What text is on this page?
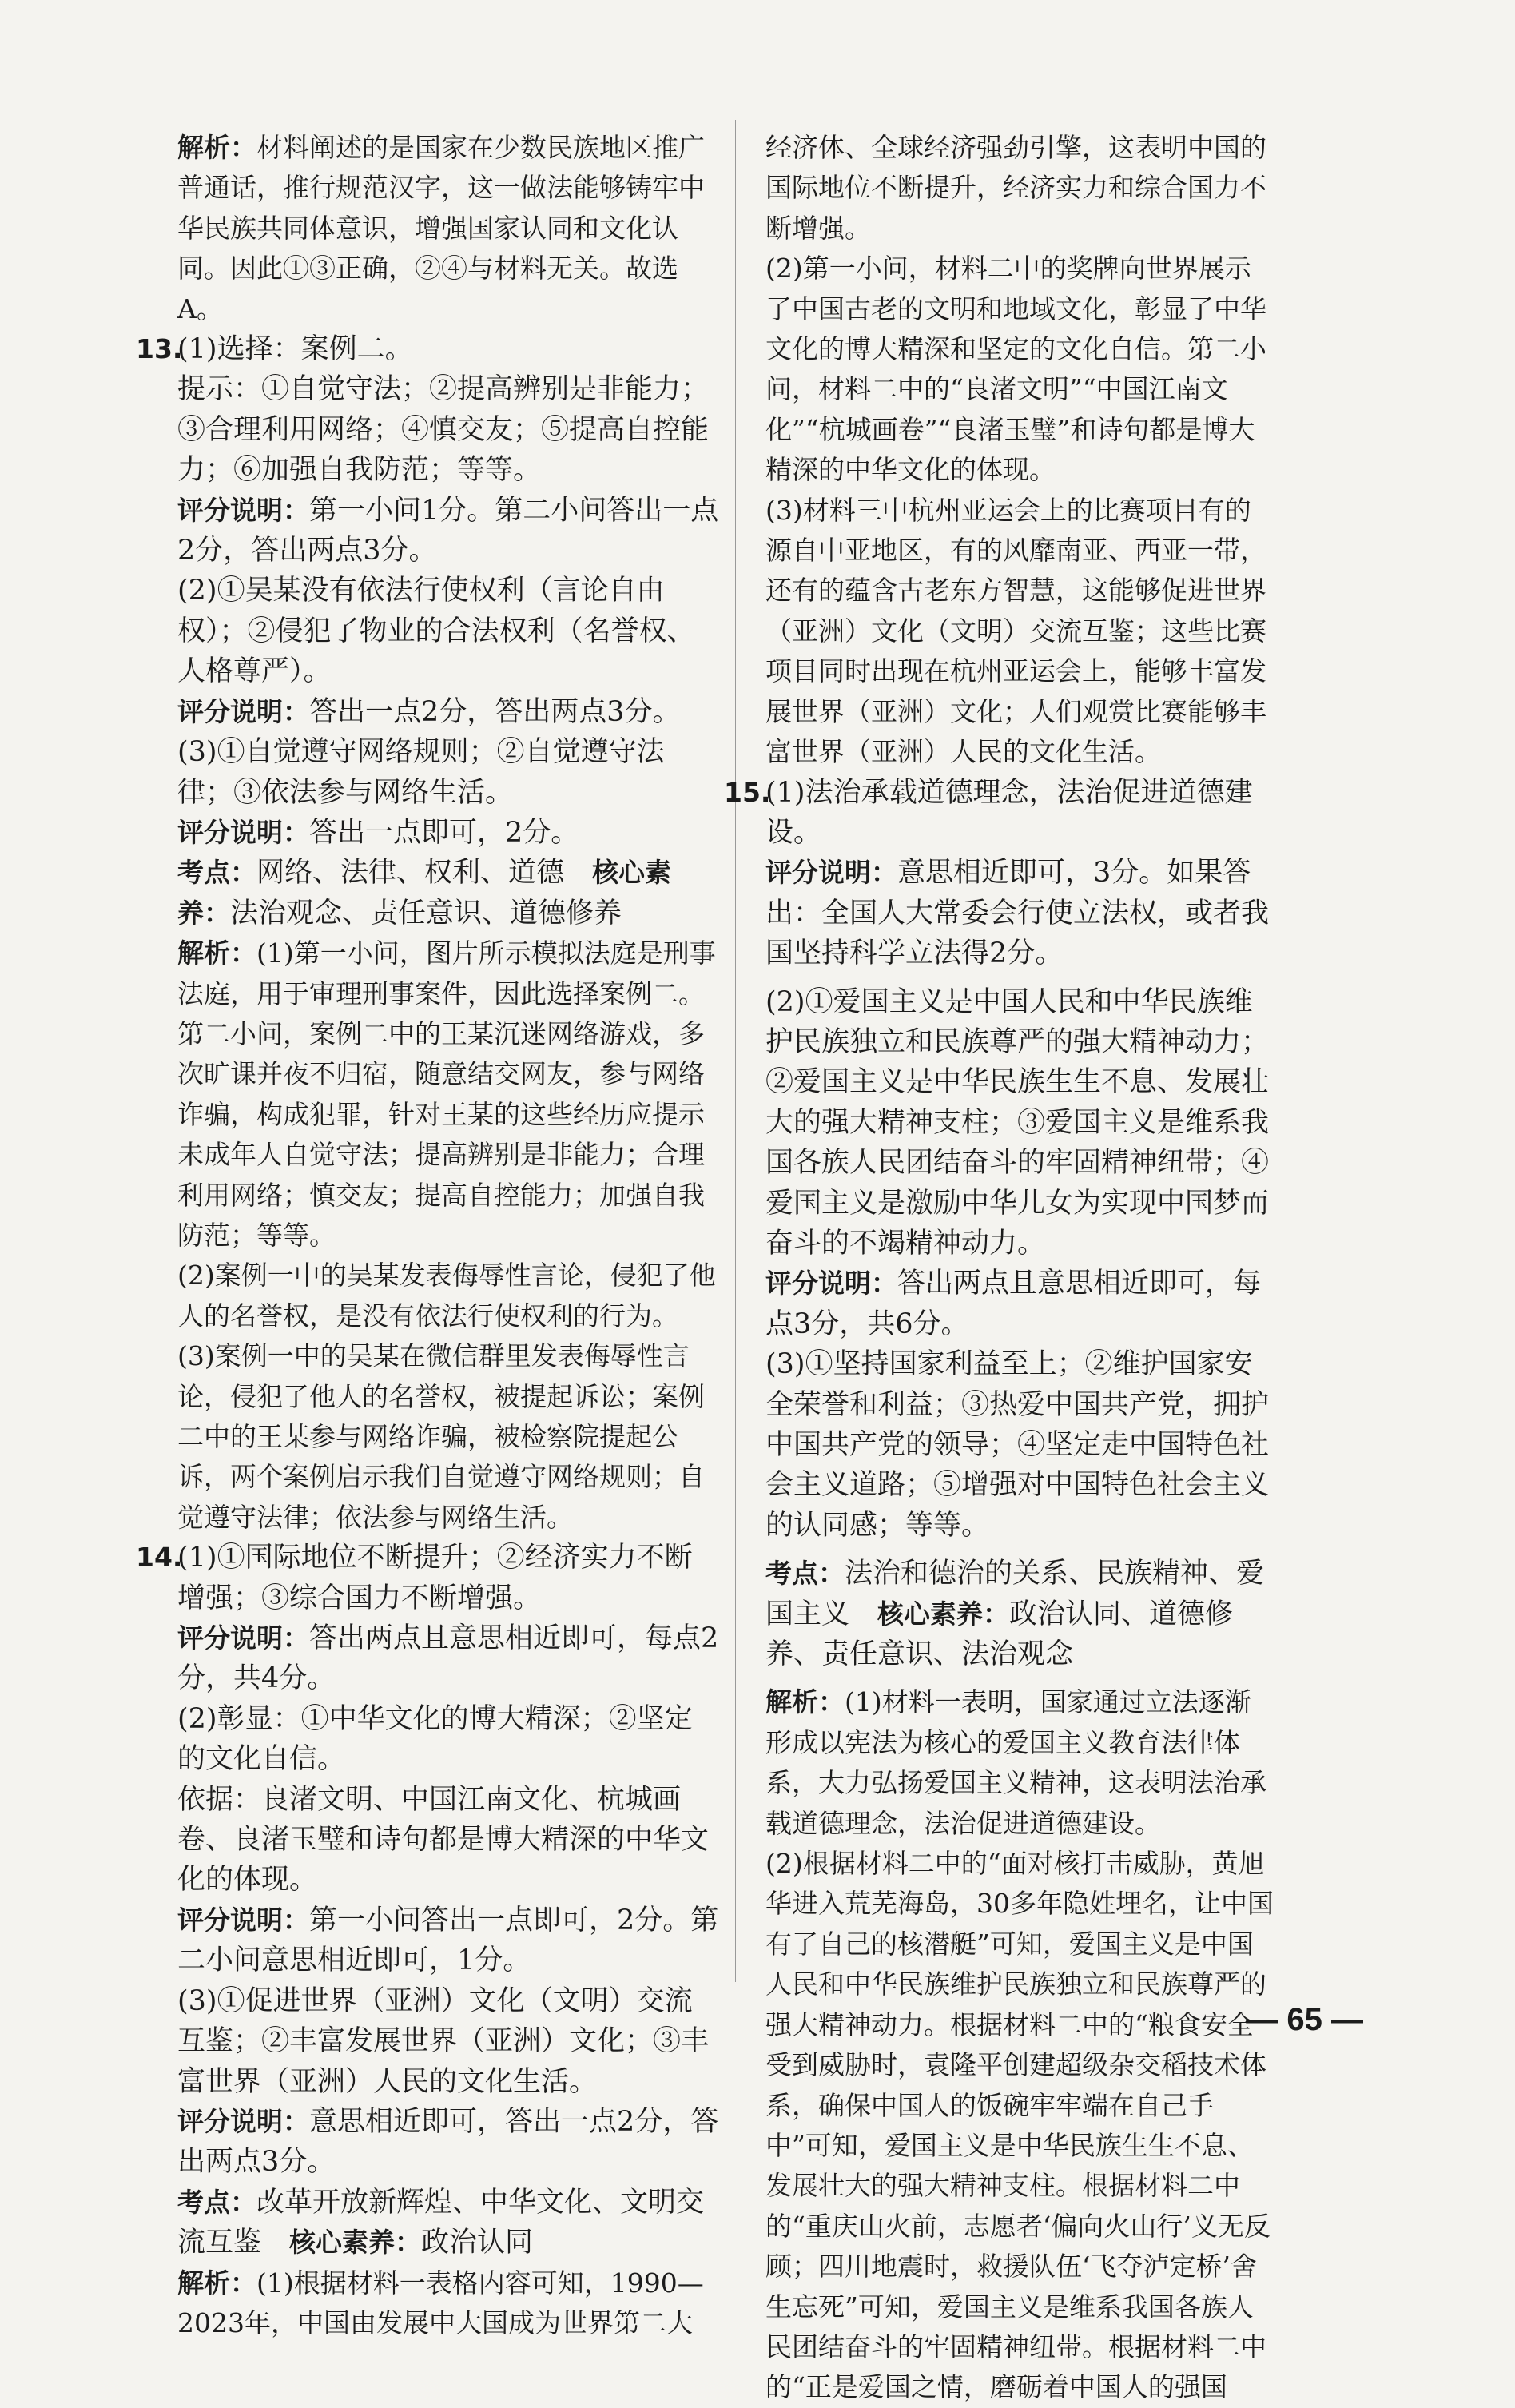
解析：材料阐述的是国家在少数民族地区推广普通话，推行规范汉字，这一做法能够铸牢中华民族共同体意识，增强国家认同和文化认同。因此①③正确，②④与材料无关。故选A。

13.

(1)选择：案例二。

提示：①自觉守法；②提高辨别是非能力；③合理利用网络；④慎交友；⑤提高自控能力；⑥加强自我防范；等等。

评分说明：第一小问1分。第二小问答出一点2分，答出两点3分。

(2)①吴某没有依法行使权利（言论自由权）；②侵犯了物业的合法权利（名誉权、人格尊严）。

评分说明：答出一点2分，答出两点3分。

(3)①自觉遵守网络规则；②自觉遵守法律；③依法参与网络生活。

评分说明：答出一点即可，2分。

考点：网络、法律、权利、道德　核心素养：法治观念、责任意识、道德修养

解析：(1)第一小问，图片所示模拟法庭是刑事法庭，用于审理刑事案件，因此选择案例二。第二小问，案例二中的王某沉迷网络游戏，多次旷课并夜不归宿，随意结交网友，参与网络诈骗，构成犯罪，针对王某的这些经历应提示未成年人自觉守法；提高辨别是非能力；合理利用网络；慎交友；提高自控能力；加强自我防范；等等。

(2)案例一中的吴某发表侮辱性言论，侵犯了他人的名誉权，是没有依法行使权利的行为。

(3)案例一中的吴某在微信群里发表侮辱性言论，侵犯了他人的名誉权，被提起诉讼；案例二中的王某参与网络诈骗，被检察院提起公诉，两个案例启示我们自觉遵守网络规则；自觉遵守法律；依法参与网络生活。

14.

(1)①国际地位不断提升；②经济实力不断增强；③综合国力不断增强。

评分说明：答出两点且意思相近即可，每点2分，共4分。

(2)彰显：①中华文化的博大精深；②坚定的文化自信。

依据：良渚文明、中国江南文化、杭城画卷、良渚玉璧和诗句都是博大精深的中华文化的体现。

评分说明：第一小问答出一点即可，2分。第二小问意思相近即可，1分。

(3)①促进世界（亚洲）文化（文明）交流互鉴；②丰富发展世界（亚洲）文化；③丰富世界（亚洲）人民的文化生活。

评分说明：意思相近即可，答出一点2分，答出两点3分。

考点：改革开放新辉煌、中华文化、文明交流互鉴　核心素养：政治认同

解析：(1)根据材料一表格内容可知，1990—2023年，中国由发展中大国成为世界第二大

经济体、全球经济强劲引擎，这表明中国的国际地位不断提升，经济实力和综合国力不断增强。

(2)第一小问，材料二中的奖牌向世界展示了中国古老的文明和地域文化，彰显了中华文化的博大精深和坚定的文化自信。第二小问，材料二中的“良渚文明”“中国江南文化”“杭城画卷”“良渚玉璧”和诗句都是博大精深的中华文化的体现。

(3)材料三中杭州亚运会上的比赛项目有的源自中亚地区，有的风靡南亚、西亚一带，还有的蕴含古老东方智慧，这能够促进世界（亚洲）文化（文明）交流互鉴；这些比赛项目同时出现在杭州亚运会上，能够丰富发展世界（亚洲）文化；人们观赏比赛能够丰富世界（亚洲）人民的文化生活。

15.

(1)法治承载道德理念，法治促进道德建设。

评分说明：意思相近即可，3分。如果答出：全国人大常委会行使立法权，或者我国坚持科学立法得2分。

(2)①爱国主义是中国人民和中华民族维护民族独立和民族尊严的强大精神动力；②爱国主义是中华民族生生不息、发展壮大的强大精神支柱；③爱国主义是维系我国各族人民团结奋斗的牢固精神纽带；④爱国主义是激励中华儿女为实现中国梦而奋斗的不竭精神动力。

评分说明：答出两点且意思相近即可，每点3分，共6分。

(3)①坚持国家利益至上；②维护国家安全荣誉和利益；③热爱中国共产党，拥护中国共产党的领导；④坚定走中国特色社会主义道路；⑤增强对中国特色社会主义的认同感；等等。

考点：法治和德治的关系、民族精神、爱国主义　核心素养：政治认同、道德修养、责任意识、法治观念

解析：(1)材料一表明，国家通过立法逐渐形成以宪法为核心的爱国主义教育法律体系，大力弘扬爱国主义精神，这表明法治承载道德理念，法治促进道德建设。

(2)根据材料二中的“面对核打击威胁，黄旭华进入荒芜海岛，30多年隐姓埋名，让中国有了自己的核潜艇”可知，爱国主义是中国人民和中华民族维护民族独立和民族尊严的强大精神动力。根据材料二中的“粮食安全受到威胁时，袁隆平创建超级杂交稻技术体系，确保中国人的饭碗牢牢端在自己手中”可知，爱国主义是中华民族生生不息、发展壮大的强大精神支柱。根据材料二中的“重庆山火前，志愿者‘偏向火山行’义无反顾；四川地震时，救援队伍‘飞夺泸定桥’舍生忘死”可知，爱国主义是维系我国各族人民团结奋斗的牢固精神纽带。根据材料二中的“正是爱国之情，磨砺着中国人的强国

— 65 —
